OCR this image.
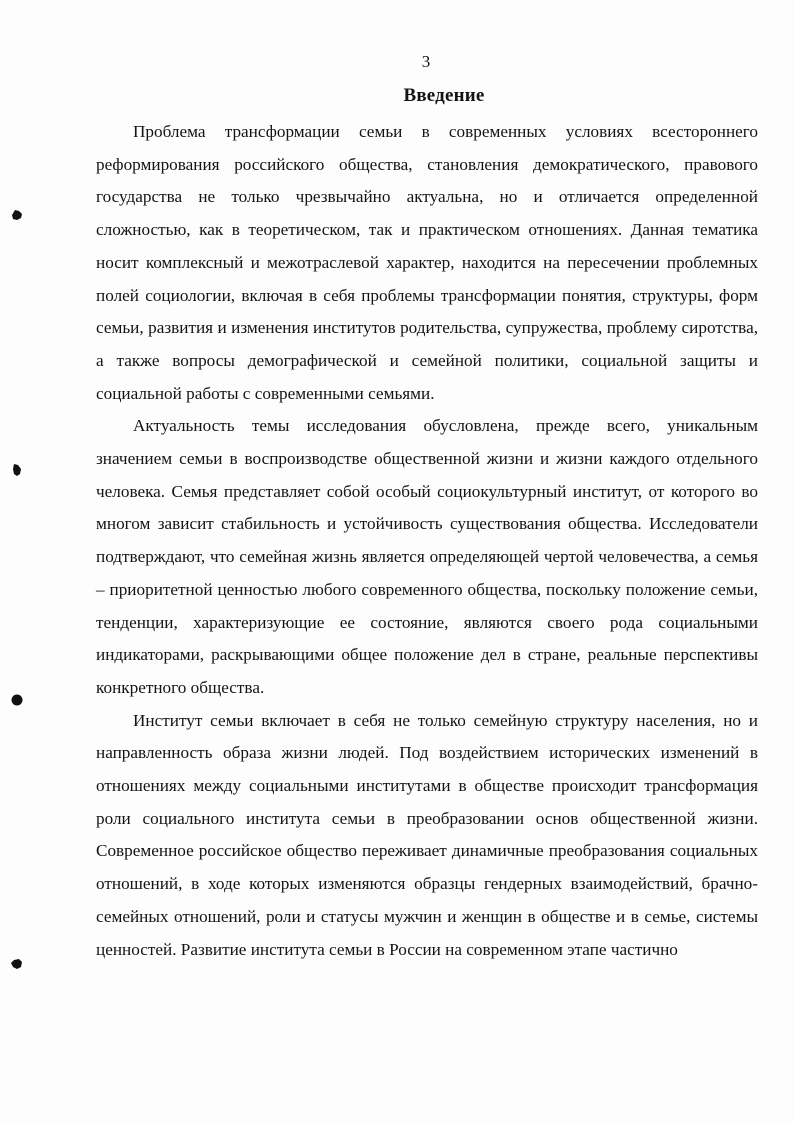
3
Введение

Проблема трансформации семьи в современных условиях всестороннего реформирования российского общества, становления демократического, правового государства не только чрезвычайно актуальна, но и отличается определенной сложностью, как в теоретическом, так и практическом отношениях. Данная тематика носит комплексный и межотраслевой характер, находится на пересечении проблемных полей социологии, включая в себя проблемы трансформации понятия, структуры, форм семьи, развития и изменения институтов родительства, супружества, проблему сиротства, а также вопросы демографической и семейной политики, социальной защиты и социальной работы с современными семьями.

Актуальность темы исследования обусловлена, прежде всего, уникальным значением семьи в воспроизводстве общественной жизни и жизни каждого отдельного человека. Семья представляет собой особый социокультурный институт, от которого во многом зависит стабильность и устойчивость существования общества. Исследователи подтверждают, что семейная жизнь является определяющей чертой человечества, а семья – приоритетной ценностью любого современного общества, поскольку положение семьи, тенденции, характеризующие ее состояние, являются своего рода социальными индикаторами, раскрывающими общее положение дел в стране, реальные перспективы конкретного общества.

Институт семьи включает в себя не только семейную структуру населения, но и направленность образа жизни людей. Под воздействием исторических изменений в отношениях между социальными институтами в обществе происходит трансформация роли социального института семьи в преобразовании основ общественной жизни. Современное российское общество переживает динамичные преобразования социальных отношений, в ходе которых изменяются образцы гендерных взаимодействий, брачно-семейных отношений, роли и статусы мужчин и женщин в обществе и в семье, системы ценностей. Развитие института семьи в России на современном этапе частично
